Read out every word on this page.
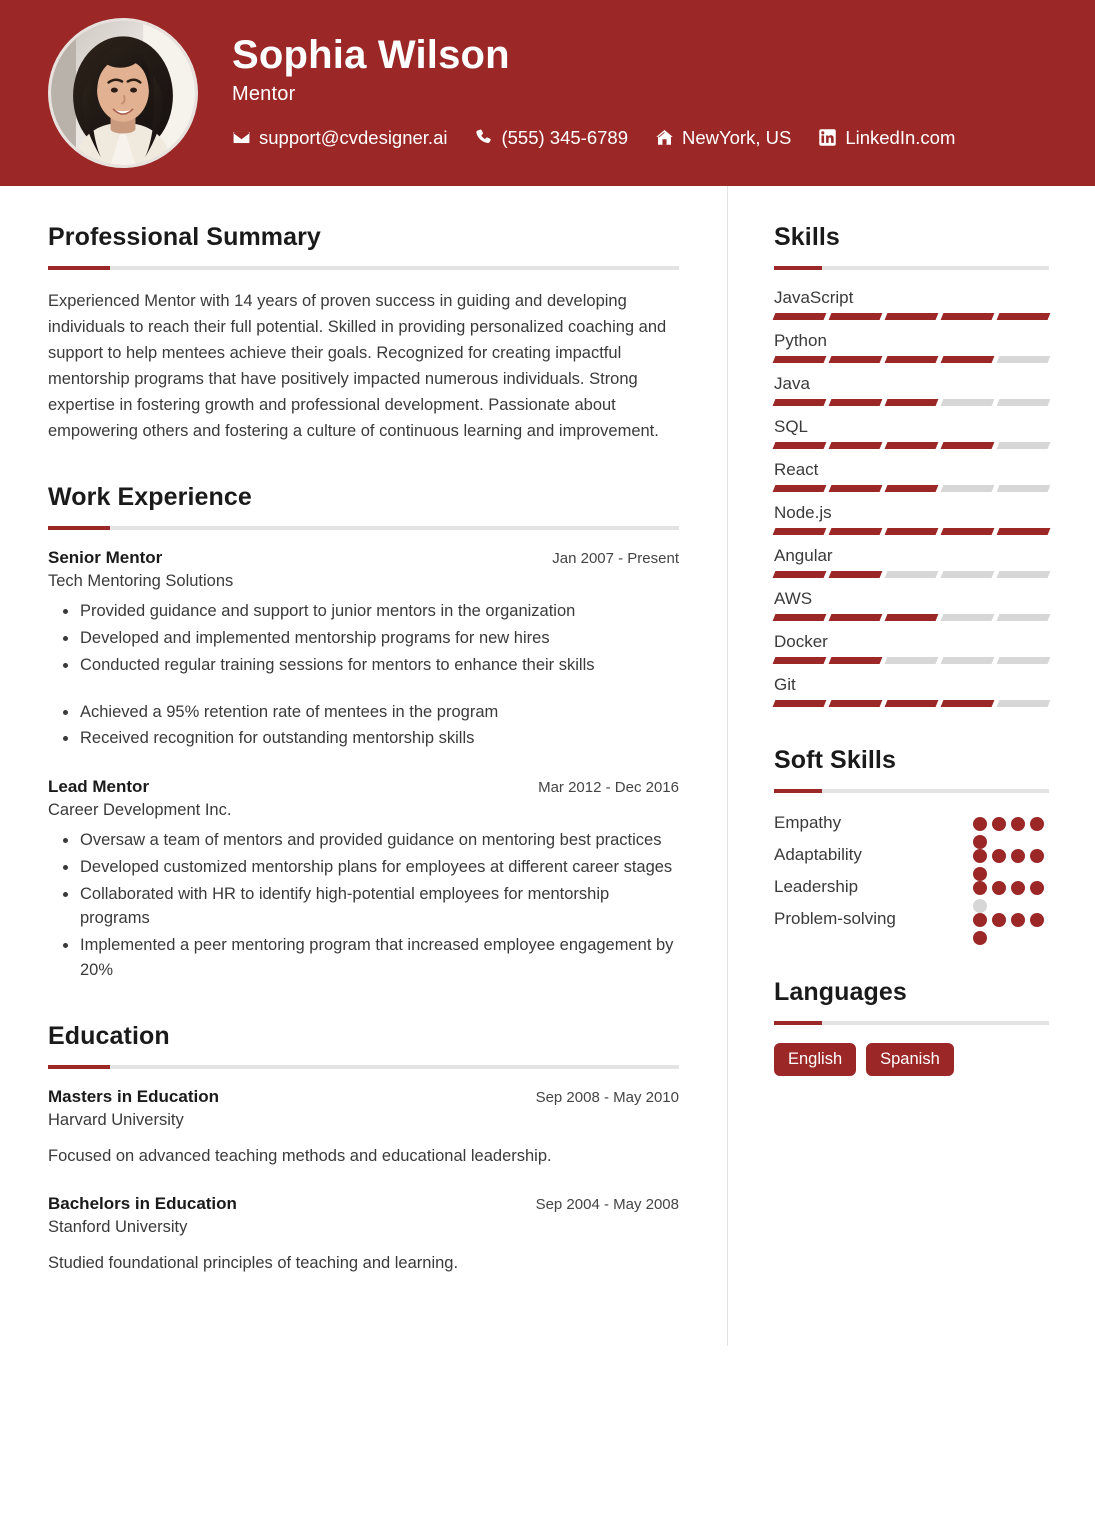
Sophia Wilson
Mentor
support@cvdesigner.ai	(555) 345-6789	NewYork, US	LinkedIn.com
Professional Summary

Experienced Mentor with 14 years of proven success in guiding and developing individuals to reach their full potential. Skilled in providing personalized coaching and support to help mentees achieve their goals. Recognized for creating impactful mentorship programs that have positively impacted numerous individuals. Strong expertise in fostering growth and professional development. Passionate about empowering others and fostering a culture of continuous learning and improvement.

Work Experience
Senior Mentor	Jan 2007 - Present
Tech Mentoring Solutions
Provided guidance and support to junior mentors in the organization
Developed and implemented mentorship programs for new hires
Conducted regular training sessions for mentors to enhance their skills
Achieved a 95% retention rate of mentees in the program
Received recognition for outstanding mentorship skills
Lead Mentor	Mar 2012 - Dec 2016
Career Development Inc.
Oversaw a team of mentors and provided guidance on mentoring best practices
Developed customized mentorship plans for employees at different career stages
Collaborated with HR to identify high-potential employees for mentorship programs
Implemented a peer mentoring program that increased employee engagement by 20%
Education
Masters in Education	Sep 2008 - May 2010
Harvard University
Focused on advanced teaching methods and educational leadership.
Bachelors in Education	Sep 2004 - May 2008
Stanford University
Studied foundational principles of teaching and learning.
Skills
JavaScript
Python
Java
SQL
React
Node.js
Angular
AWS
Docker
Git
Soft Skills
Empathy
Adaptability
Leadership
Problem-solving
Languages
English	Spanish
